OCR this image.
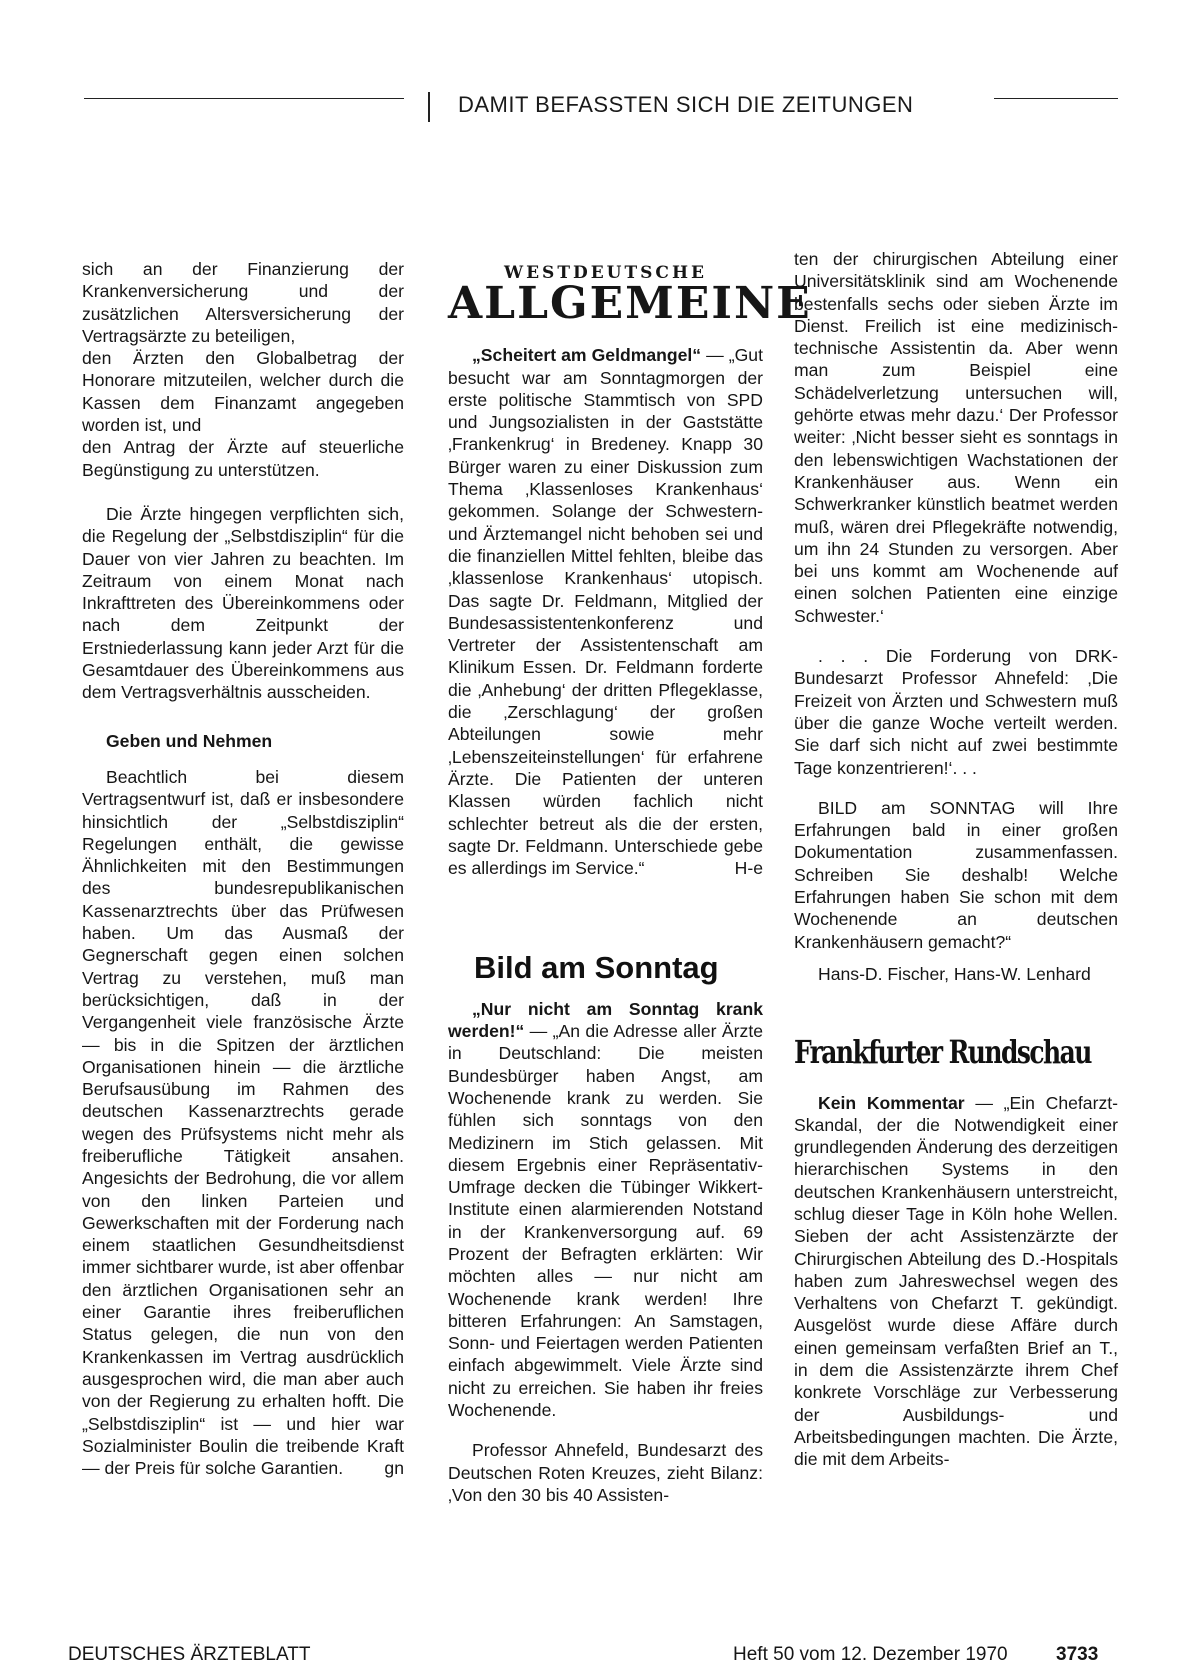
DAMIT BEFASSTEN SICH DIE ZEITUNGEN

sich an der Finanzierung der Krankenversicherung und der zusätzlichen Altersversicherung der Vertragsärzte zu beteiligen,

den Ärzten den Globalbetrag der Honorare mitzuteilen, welcher durch die Kassen dem Finanzamt angegeben worden ist, und

den Antrag der Ärzte auf steuerliche Begünstigung zu unterstützen.

Die Ärzte hingegen verpflichten sich, die Regelung der „Selbstdisziplin“ für die Dauer von vier Jahren zu beachten. Im Zeitraum von einem Monat nach Inkrafttreten des Übereinkommens oder nach dem Zeitpunkt der Erstniederlassung kann jeder Arzt für die Gesamtdauer des Übereinkommens aus dem Vertragsverhältnis ausscheiden.

Geben und Nehmen

Beachtlich bei diesem Vertragsentwurf ist, daß er insbesondere hinsichtlich der „Selbstdisziplin“ Regelungen enthält, die gewisse Ähnlichkeiten mit den Bestimmungen des bundesrepublikanischen Kassenarztrechts über das Prüfwesen haben. Um das Ausmaß der Gegnerschaft gegen einen solchen Vertrag zu verstehen, muß man berücksichtigen, daß in der Vergangenheit viele französische Ärzte — bis in die Spitzen der ärztlichen Organisationen hinein — die ärztliche Berufsausübung im Rahmen des deutschen Kassenarztrechts gerade wegen des Prüfsystems nicht mehr als freiberufliche Tätigkeit ansahen. Angesichts der Bedrohung, die vor allem von den linken Parteien und Gewerkschaften mit der Forderung nach einem staatlichen Gesundheitsdienst immer sichtbarer wurde, ist aber offenbar den ärztlichen Organisationen sehr an einer Garantie ihres freiberuflichen Status gelegen, die nun von den Krankenkassen im Vertrag ausdrücklich ausgesprochen wird, die man aber auch von der Regierung zu erhalten hofft. Die „Selbstdisziplin“ ist — und hier war Sozialminister Boulin die treibende Kraft — der Preis für solche Garantien.	gn

WESTDEUTSCHE
ALLGEMEINE

„Scheitert am Geldmangel“ — „Gut besucht war am Sonntagmorgen der erste politische Stammtisch von SPD und Jungsozialisten in der Gaststätte ‚Frankenkrug‘ in Bredeney. Knapp 30 Bürger waren zu einer Diskussion zum Thema ‚Klassenloses Krankenhaus‘ gekommen. Solange der Schwestern- und Ärztemangel nicht behoben sei und die finanziellen Mittel fehlten, bleibe das ‚klassenlose Krankenhaus‘ utopisch. Das sagte Dr. Feldmann, Mitglied der Bundesassistentenkonferenz und Vertreter der Assistentenschaft am Klinikum Essen. Dr. Feldmann forderte die ‚Anhebung‘ der dritten Pflegeklasse, die ‚Zerschlagung‘ der großen Abteilungen sowie mehr ‚Lebenszeiteinstellungen‘ für erfahrene Ärzte. Die Patienten der unteren Klassen würden fachlich nicht schlechter betreut als die der ersten, sagte Dr. Feldmann. Unterschiede gebe es allerdings im Service.“	H-e

Bild am Sonntag

„Nur nicht am Sonntag krank werden!“ — „An die Adresse aller Ärzte in Deutschland: Die meisten Bundesbürger haben Angst, am Wochenende krank zu werden. Sie fühlen sich sonntags von den Medizinern im Stich gelassen. Mit diesem Ergebnis einer Repräsentativ-Umfrage decken die Tübinger Wikkert-Institute einen alarmierenden Notstand in der Krankenversorgung auf. 69 Prozent der Befragten erklärten: Wir möchten alles — nur nicht am Wochenende krank werden! Ihre bitteren Erfahrungen: An Samstagen, Sonn- und Feiertagen werden Patienten einfach abgewimmelt. Viele Ärzte sind nicht zu erreichen. Sie haben ihr freies Wochenende.

Professor Ahnefeld, Bundesarzt des Deutschen Roten Kreuzes, zieht Bilanz: ‚Von den 30 bis 40 Assisten-

ten der chirurgischen Abteilung einer Universitätsklinik sind am Wochenende bestenfalls sechs oder sieben Ärzte im Dienst. Freilich ist eine medizinisch-technische Assistentin da. Aber wenn man zum Beispiel eine Schädelverletzung untersuchen will, gehörte etwas mehr dazu.‘ Der Professor weiter: ‚Nicht besser sieht es sonntags in den lebenswichtigen Wachstationen der Krankenhäuser aus. Wenn ein Schwerkranker künstlich beatmet werden muß, wären drei Pflegekräfte notwendig, um ihn 24 Stunden zu versorgen. Aber bei uns kommt am Wochenende auf einen solchen Patienten eine einzige Schwester.‘

. . . Die Forderung von DRK-Bundesarzt Professor Ahnefeld: ‚Die Freizeit von Ärzten und Schwestern muß über die ganze Woche verteilt werden. Sie darf sich nicht auf zwei bestimmte Tage konzentrieren!‘. . .

BILD am SONNTAG will Ihre Erfahrungen bald in einer großen Dokumentation zusammenfassen. Schreiben Sie deshalb! Welche Erfahrungen haben Sie schon mit dem Wochenende an deutschen Krankenhäusern gemacht?“

Hans-D. Fischer, Hans-W. Lenhard

Frankfurter Rundschau

Kein Kommentar — „Ein Chefarzt-Skandal, der die Notwendigkeit einer grundlegenden Änderung des derzeitigen hierarchischen Systems in den deutschen Krankenhäusern unterstreicht, schlug dieser Tage in Köln hohe Wellen. Sieben der acht Assistenzärzte der Chirurgischen Abteilung des D.-Hospitals haben zum Jahreswechsel wegen des Verhaltens von Chefarzt T. gekündigt. Ausgelöst wurde diese Affäre durch einen gemeinsam verfaßten Brief an T., in dem die Assistenzärzte ihrem Chef konkrete Vorschläge zur Verbesserung der Ausbildungs- und Arbeitsbedingungen machten. Die Ärzte, die mit dem Arbeits-

DEUTSCHES ÄRZTEBLATT	Heft 50 vom 12. Dezember 1970	3733
